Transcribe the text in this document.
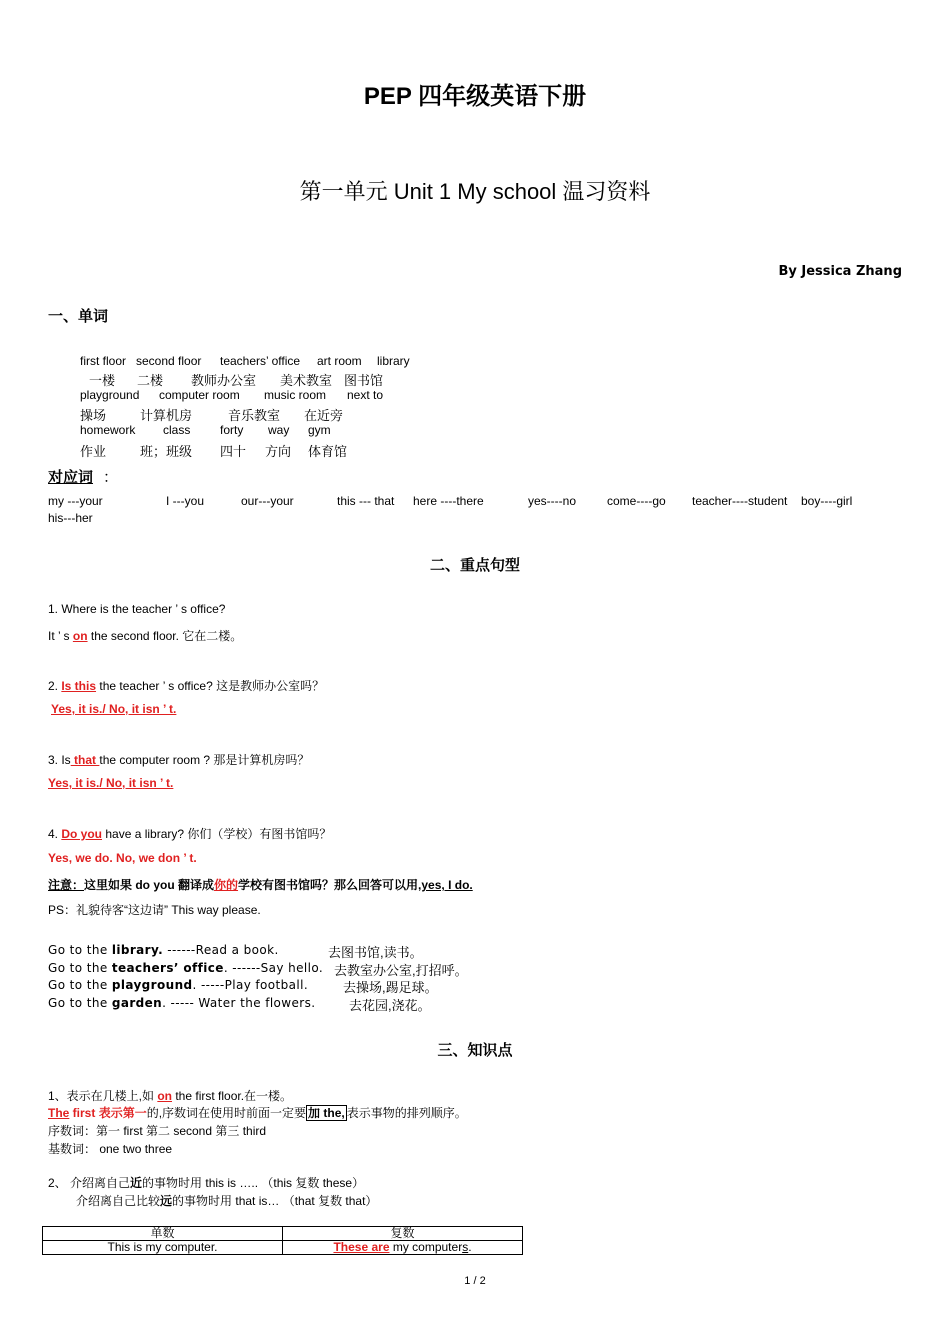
PEP 四年级英语下册
第一单元 Unit 1 My school 温习资料
By Jessica Zhang
一、单词
first floor second floor teachers’ office art room library
一楼 二楼 教师办公室 美术教室 图书馆
playground computer room music room next to
操场	计算机房	音乐教室 在近旁
homework class forty way gym
作业	班；班级 四十 方向 体育馆
对应词 ：
my ---your	I ---you	our---your	this --- that here ----there	yes----no	come----go teacher----student boy----girl
his---her
二、重点句型
1. Where is the teacher ’ s office?
It ’ s on the second floor. 它在二楼。
2. Is this the teacher ’ s office? 这是教师办公室吗？
Yes, it is./ No, it isn ’ t.
3. Is that the computer room ? 那是计算机房吗？
Yes, it is./ No, it isn ’ t.
4. Do you have a library? 你们（学校）有图书馆吗？
Yes, we do. No, we don ’ t.
注意：这里如果 do you 翻译成你的学校有图书馆吗？那么回答可以用,yes, I do.
PS：礼貌待客“这边请” This way please.
Go to the library. ------Read a book.	去图书馆,读书。
Go to the teachers’ office. ------Say hello. 去教室办公室,打招呼。
Go to the playground. -----Play football.	去操场,踢足球。
Go to the garden. ----- Water the flowers.	去花园,浇花。
三、知识点
1、表示在几楼上,如 on the first floor.在一楼。
The first 表示第一的,序数词在使用时前面一定要 加 the, 表示事物的排列顺序。
序数词：第一 first 第二 second 第三 third
基数词： one two three
2、 介绍离自己近的事物时用 this is ….. （this 复数 these）
介绍离自己比较远的事物时用 that is… （that 复数 that）
单数	复数
This is my computer.	These are my computers.
1 / 2
